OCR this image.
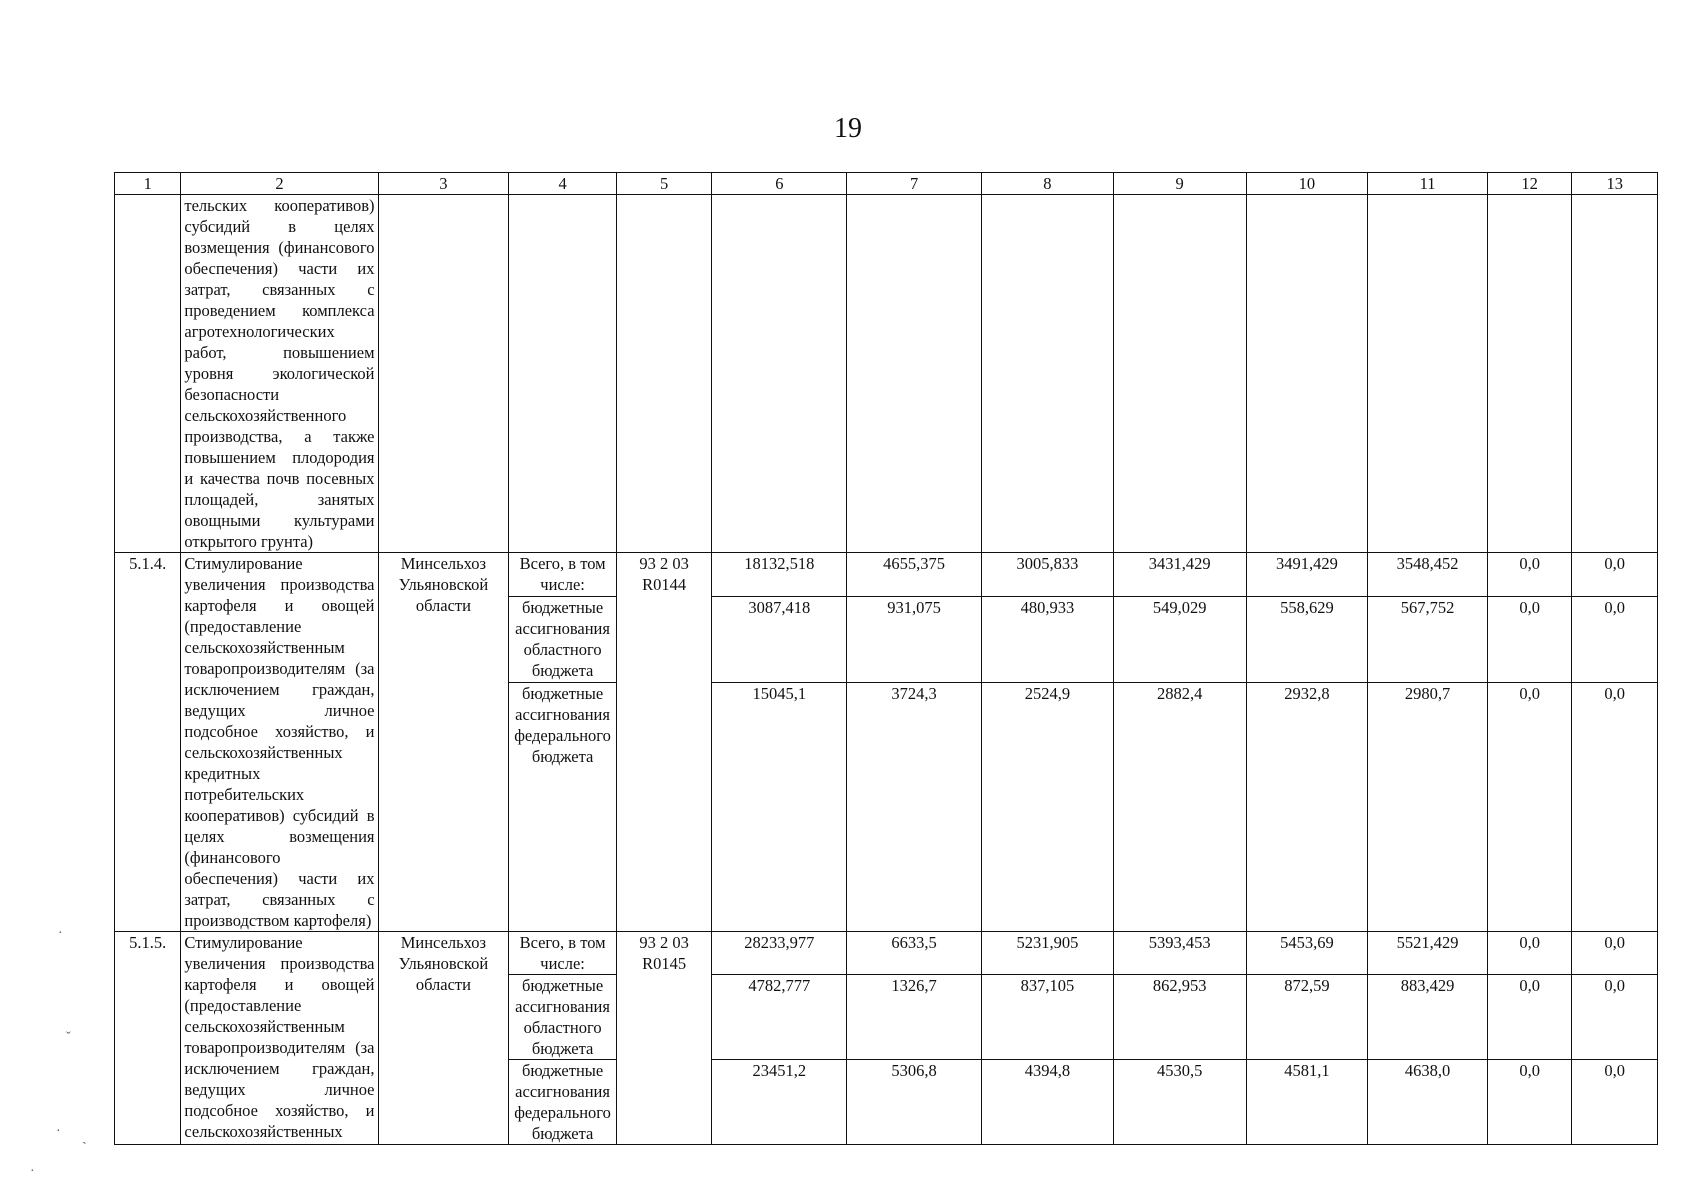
19
1	2	3	4	5	6	7	8	9	10	11	12	13
	тельских кооперативов) субсидий в целях возмещения (финансового обеспечения) части их затрат, связанных с проведением комплекса агротехнологических работ, повышением уровня экологической безопасности сельскохозяйственного производства, а также повышением плодородия и качества почв посевных площадей, занятых овощными культурами открытого грунта)											
5.1.4.	Стимулирование увеличения производства картофеля и овощей (предоставление сельскохозяйственным товаропроизводителям (за исключением граждан, ведущих личное подсобное хозяйство, и сельскохозяйственных кредитных потребительских кооперативов) субсидий в целях возмещения (финансового обеспечения) части их затрат, связанных с производством картофеля)	Минсельхоз Ульяновской области	Всего, в том числе:	93 2 03 R0144	18132,518	4655,375	3005,833	3431,429	3491,429	3548,452	0,0	0,0
			бюджетные ассигнования областного бюджета		3087,418	931,075	480,933	549,029	558,629	567,752	0,0	0,0
			бюджетные ассигнования федерального бюджета		15045,1	3724,3	2524,9	2882,4	2932,8	2980,7	0,0	0,0
5.1.5.	Стимулирование увеличения производства картофеля и овощей (предоставление сельскохозяйственным товаропроизводителям (за исключением граждан, ведущих личное подсобное хозяйство, и сельскохозяйственных	Минсельхоз Ульяновской области	Всего, в том числе:	93 2 03 R0145	28233,977	6633,5	5231,905	5393,453	5453,69	5521,429	0,0	0,0
			бюджетные ассигнования областного бюджета		4782,777	1326,7	837,105	862,953	872,59	883,429	0,0	0,0
			бюджетные ассигнования федерального бюджета		23451,2	5306,8	4394,8	4530,5	4581,1	4638,0	0,0	0,0
·
ˇ
· ˏ
·
